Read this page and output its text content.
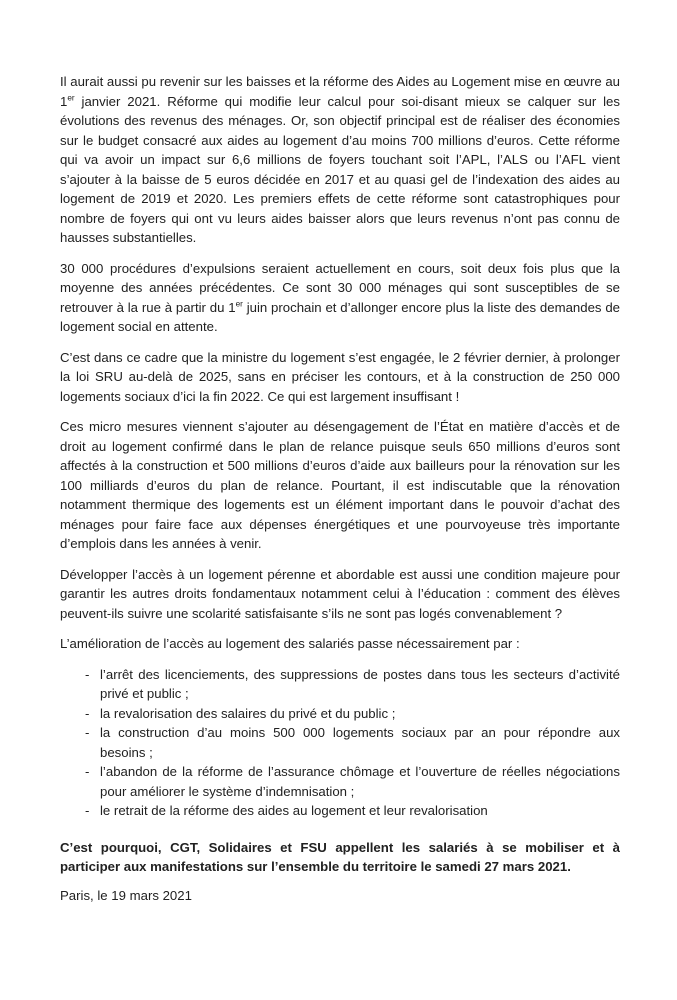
Il aurait aussi pu revenir sur les baisses et la réforme des Aides au Logement mise en œuvre au 1er janvier 2021. Réforme qui modifie leur calcul pour soi-disant mieux se calquer sur les évolutions des revenus des ménages. Or, son objectif principal est de réaliser des économies sur le budget consacré aux aides au logement d’au moins 700 millions d’euros. Cette réforme qui va avoir un impact sur 6,6 millions de foyers touchant soit l’APL, l’ALS ou l’AFL vient s’ajouter à la baisse de 5 euros décidée en 2017 et au quasi gel de l’indexation des aides au logement de 2019 et 2020. Les premiers effets de cette réforme sont catastrophiques pour nombre de foyers qui ont vu leurs aides baisser alors que leurs revenus n’ont pas connu de hausses substantielles.

30 000 procédures d’expulsions seraient actuellement en cours, soit deux fois plus que la moyenne des années précédentes. Ce sont 30 000 ménages qui sont susceptibles de se retrouver à la rue à partir du 1er juin prochain et d’allonger encore plus la liste des demandes de logement social en attente.

C’est dans ce cadre que la ministre du logement s’est engagée, le 2 février dernier, à prolonger la loi SRU au-delà de 2025, sans en préciser les contours, et à la construction de 250 000 logements sociaux d’ici la fin 2022. Ce qui est largement insuffisant !

Ces micro mesures viennent s’ajouter au désengagement de l’État en matière d’accès et de droit au logement confirmé dans le plan de relance puisque seuls 650 millions d’euros sont affectés à la construction et 500 millions d’euros d’aide aux bailleurs pour la rénovation sur les 100 milliards d’euros du plan de relance. Pourtant, il est indiscutable que la rénovation notamment thermique des logements est un élément important dans le pouvoir d’achat des ménages pour faire face aux dépenses énergétiques et une pourvoyeuse très importante d’emplois dans les années à venir.

Développer l’accès à un logement pérenne et abordable est aussi une condition majeure pour garantir les autres droits fondamentaux notamment celui à l’éducation : comment des élèves peuvent-ils suivre une scolarité satisfaisante s’ils ne sont pas logés convenablement ?

L’amélioration de l’accès au logement des salariés passe nécessairement par :

- l’arrêt des licenciements, des suppressions de postes dans tous les secteurs d’activité privé et public ;
- la revalorisation des salaires du privé et du public ;
- la construction d’au moins 500 000 logements sociaux par an pour répondre aux besoins ;
- l’abandon de la réforme de l’assurance chômage et l’ouverture de réelles négociations pour améliorer le système d’indemnisation ;
- le retrait de la réforme des aides au logement et leur revalorisation

C’est pourquoi, CGT, Solidaires et FSU appellent les salariés à se mobiliser et à participer aux manifestations sur l’ensemble du territoire le samedi 27 mars 2021.

Paris, le 19 mars 2021
